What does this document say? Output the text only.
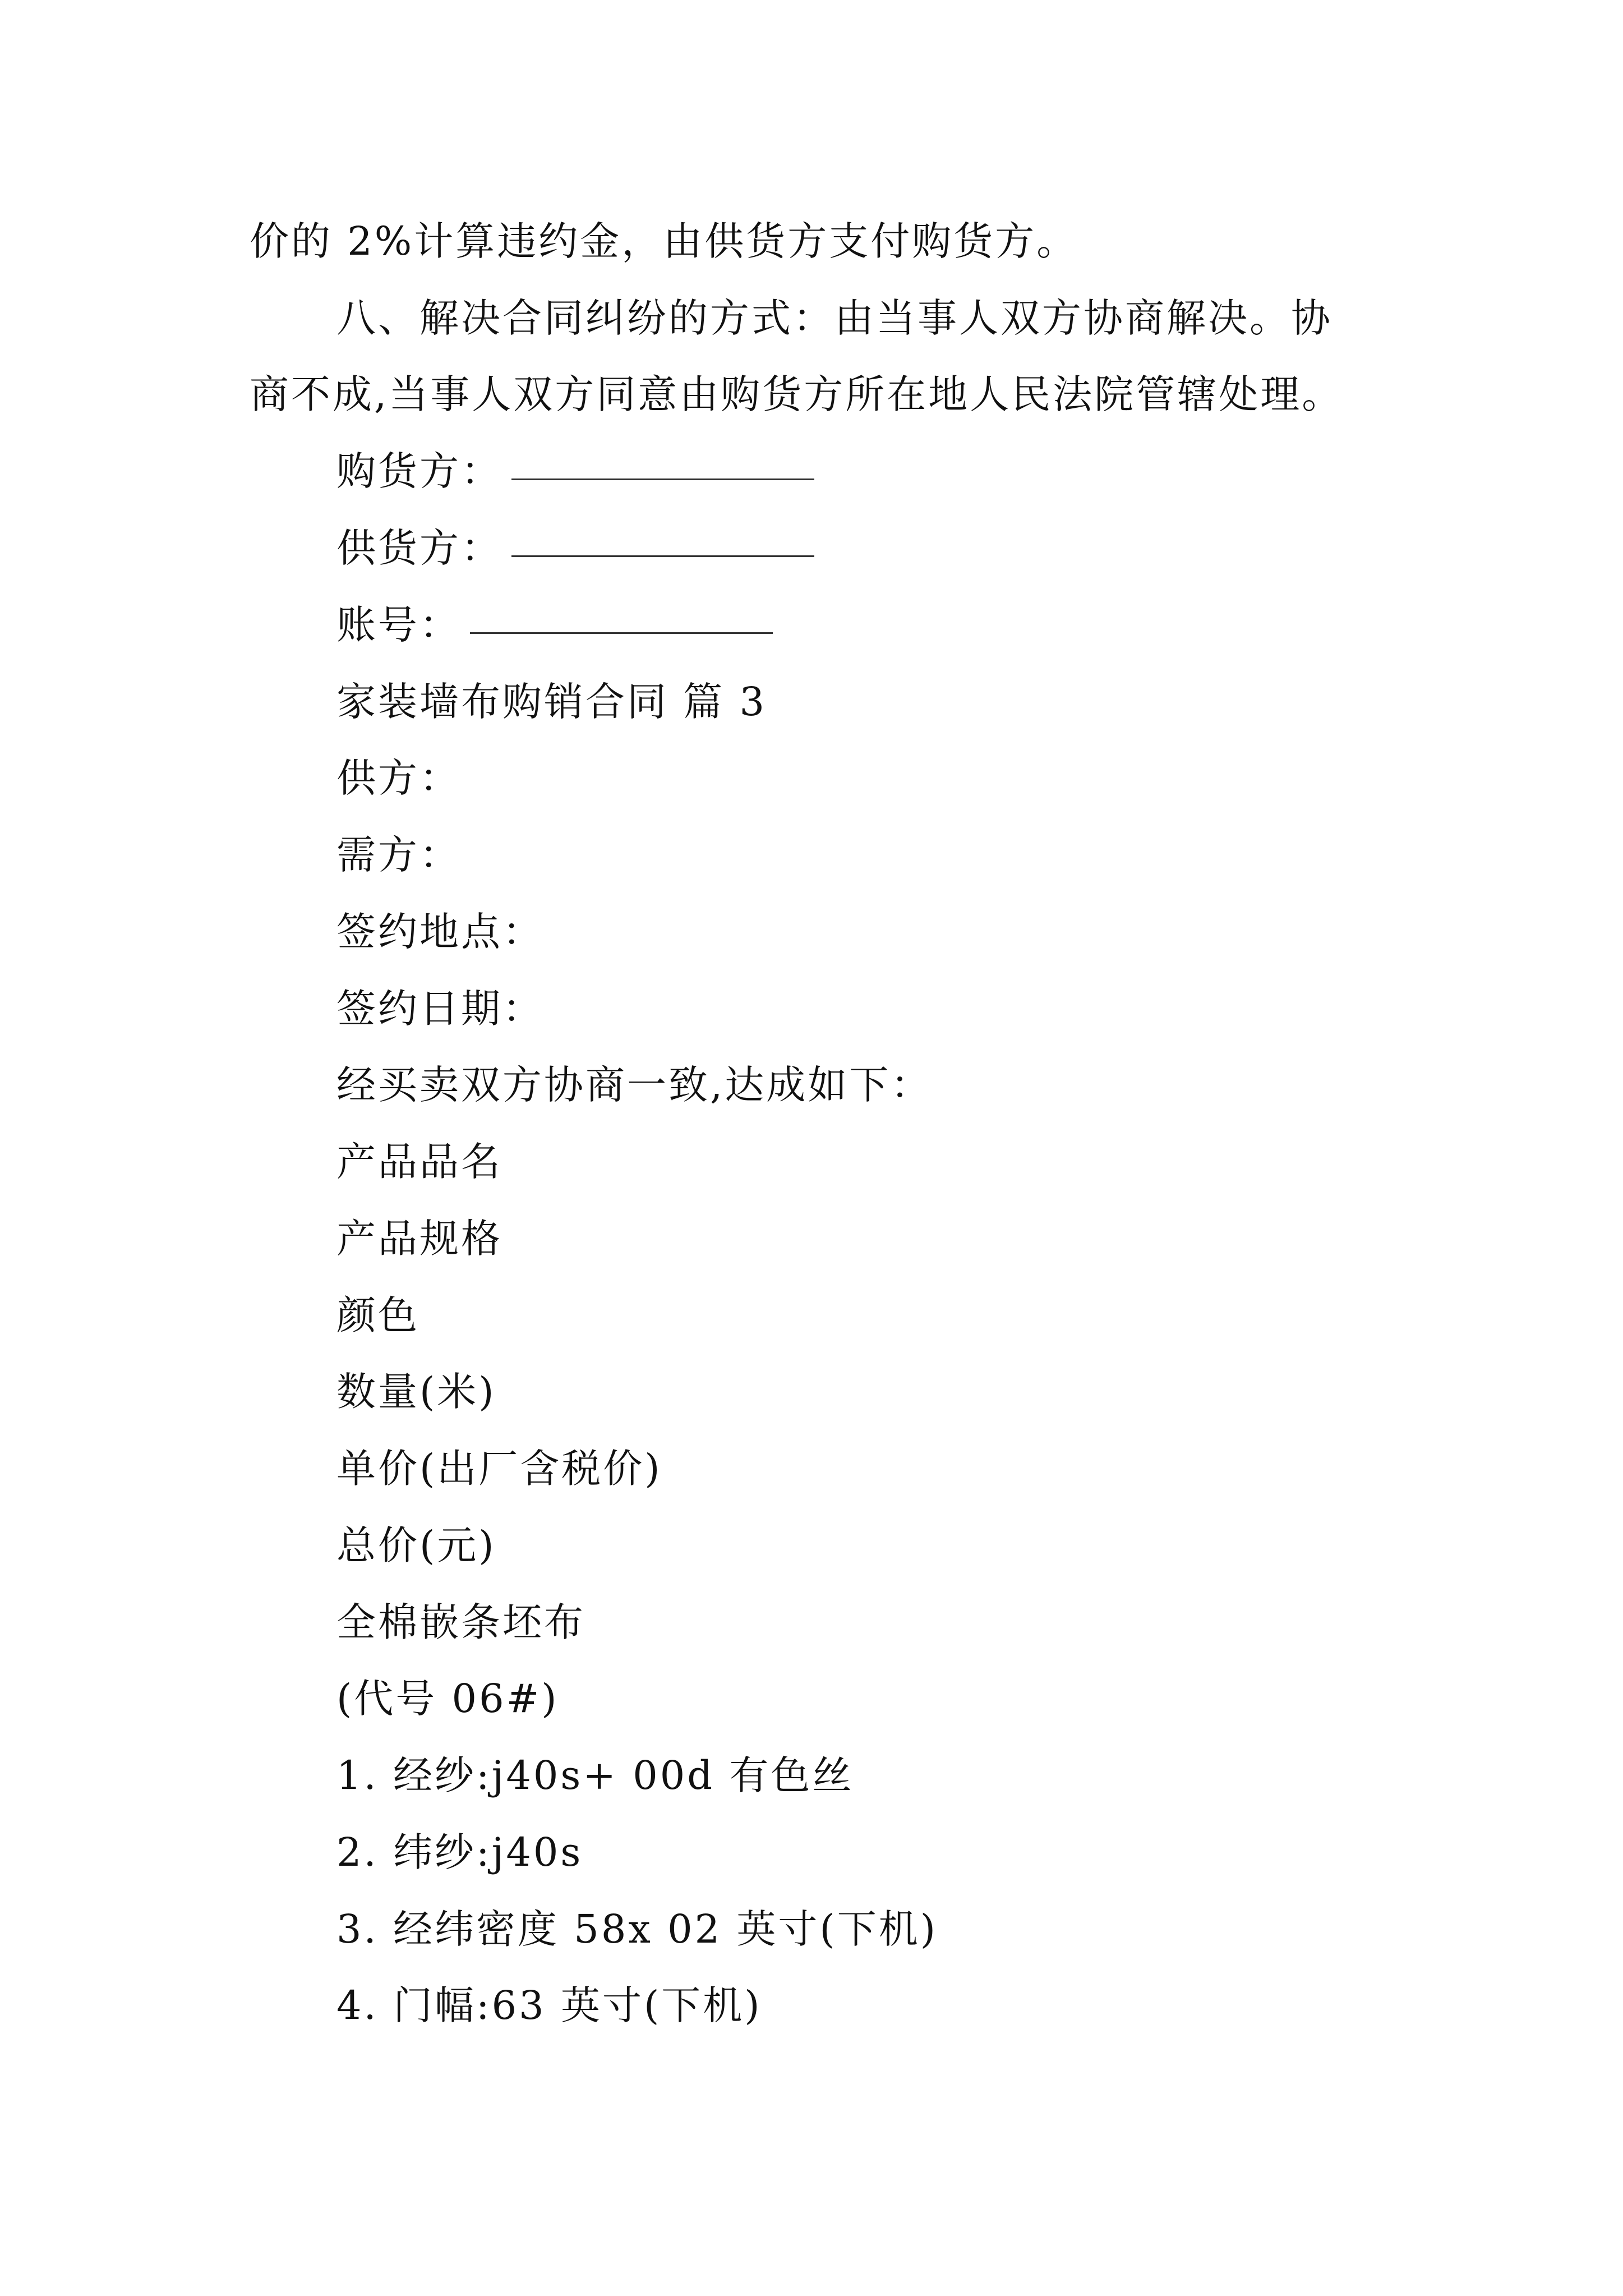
价的 2%计算违约金，由供货方支付购货方。
八、解决合同纠纷的方式：由当事人双方协商解决。协
商不成,当事人双方同意由购货方所在地人民法院管辖处理。
购货方：
供货方：
账号：
家装墙布购销合同 篇 3
供方：
需方：
签约地点：
签约日期：
经买卖双方协商一致,达成如下：
产品品名
产品规格
颜色
数量(米)
单价(出厂含税价)
总价(元)
全棉嵌条坯布
(代号 06#)
1. 经纱:j40s+ 00d 有色丝
2. 纬纱:j40s
3. 经纬密度 58x 02 英寸(下机)
4. 门幅:63 英寸(下机)
